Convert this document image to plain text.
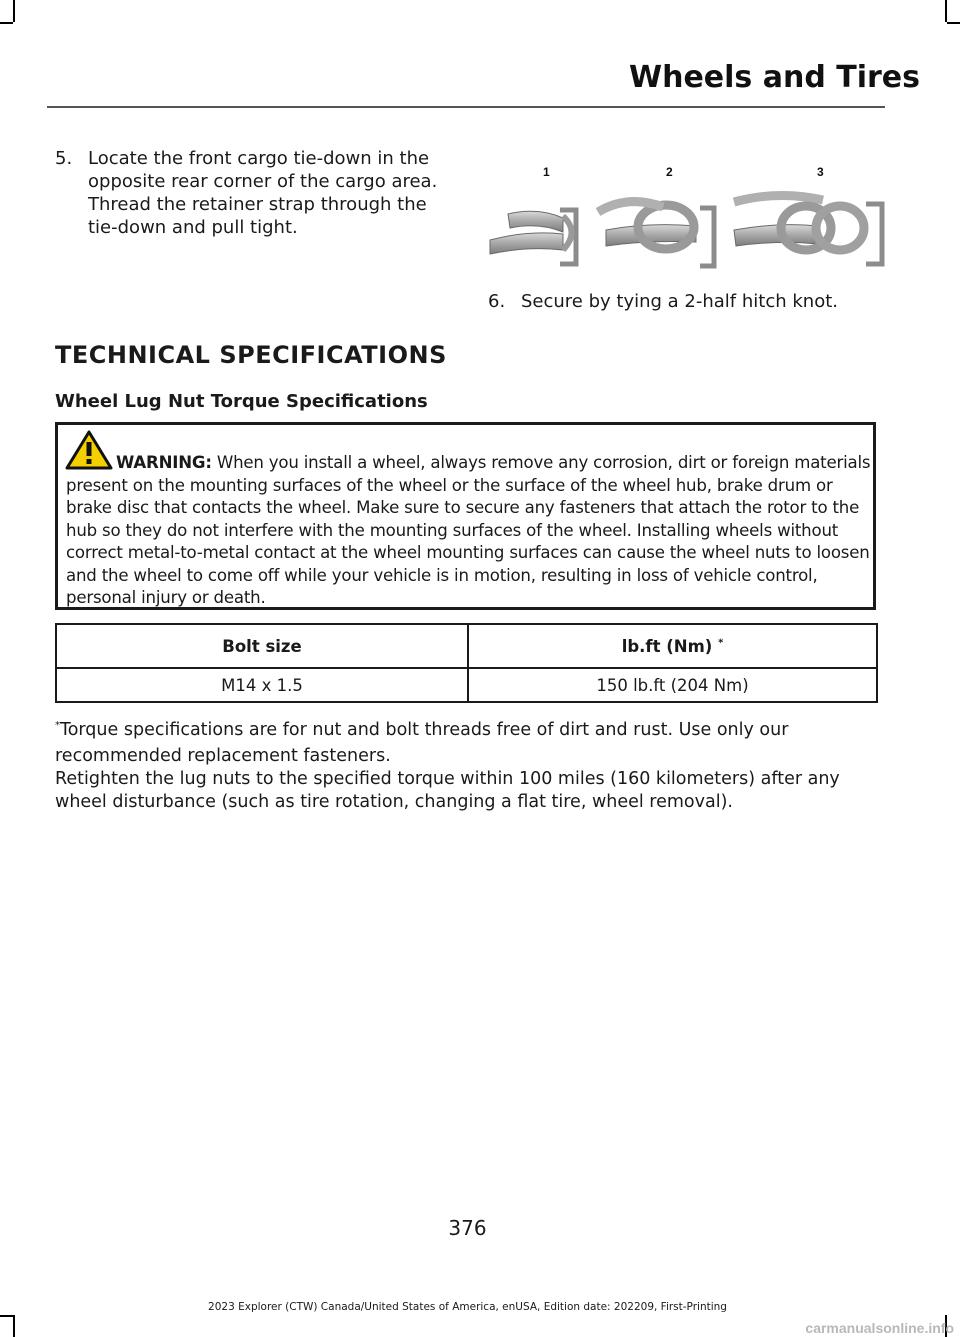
Wheels and Tires
5. Locate the front cargo tie-down in the opposite rear corner of the cargo area. Thread the retainer strap through the tie-down and pull tight.
1	2	3
6. Secure by tying a 2-half hitch knot.
TECHNICAL SPECIFICATIONS
Wheel Lug Nut Torque Specifications
WARNING: When you install a wheel, always remove any corrosion, dirt or foreign materials present on the mounting surfaces of the wheel or the surface of the wheel hub, brake drum or brake disc that contacts the wheel. Make sure to secure any fasteners that attach the rotor to the hub so they do not interfere with the mounting surfaces of the wheel. Installing wheels without correct metal-to-metal contact at the wheel mounting surfaces can cause the wheel nuts to loosen and the wheel to come off while your vehicle is in motion, resulting in loss of vehicle control, personal injury or death.
Bolt size	lb.ft (Nm) *
M14 x 1.5	150 lb.ft (204 Nm)
*Torque specifications are for nut and bolt threads free of dirt and rust. Use only our recommended replacement fasteners.
Retighten the lug nuts to the specified torque within 100 miles (160 kilometers) after any wheel disturbance (such as tire rotation, changing a flat tire, wheel removal).
376
2023 Explorer (CTW) Canada/United States of America, enUSA, Edition date: 202209, First-Printing
carmanualsonline.info
